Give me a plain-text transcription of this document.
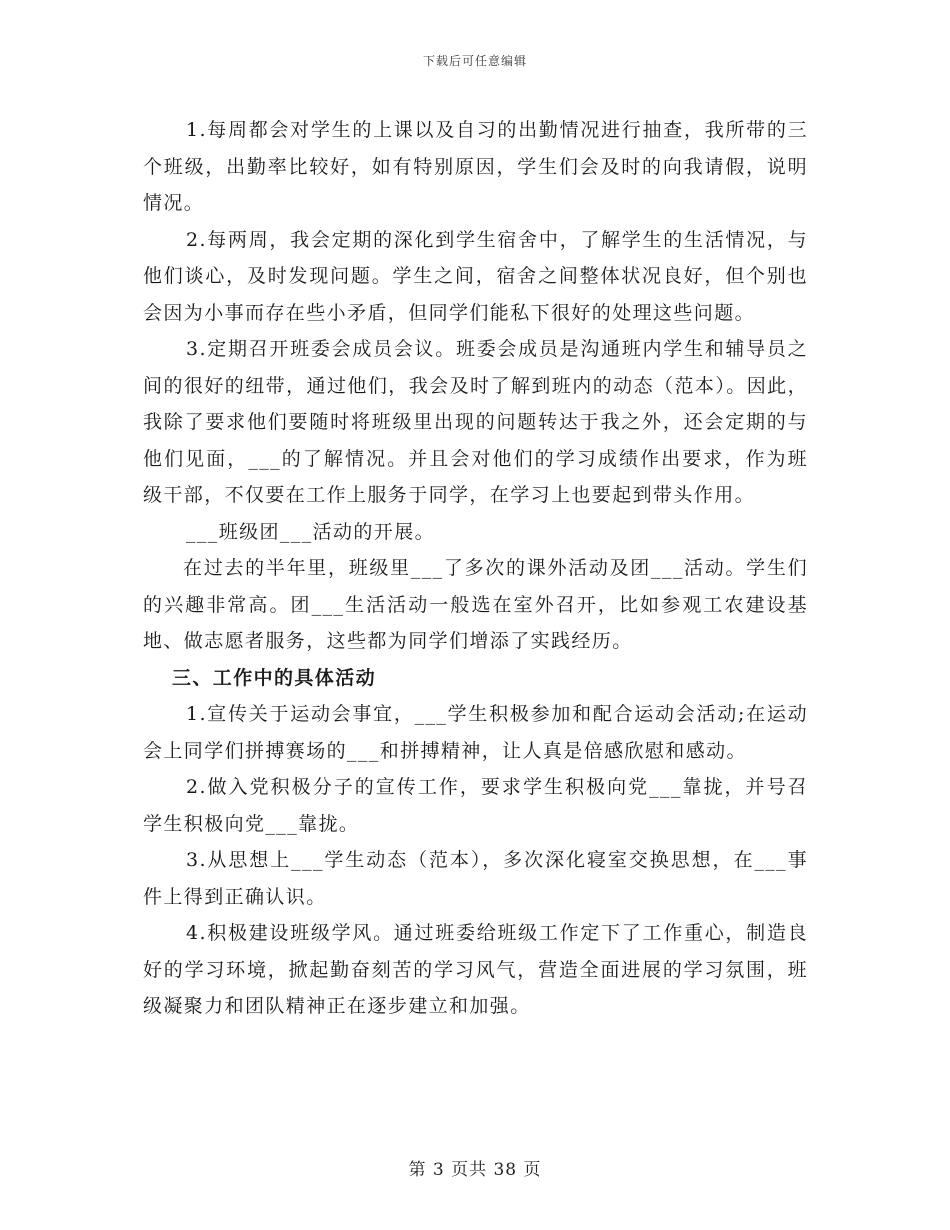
下载后可任意编辑

1.每周都会对学生的上课以及自习的出勤情况进行抽查，我所带的三个班级，出勤率比较好，如有特别原因，学生们会及时的向我请假，说明情况。

2.每两周，我会定期的深化到学生宿舍中，了解学生的生活情况，与他们谈心，及时发现问题。学生之间，宿舍之间整体状况良好，但个别也会因为小事而存在些小矛盾，但同学们能私下很好的处理这些问题。

3.定期召开班委会成员会议。班委会成员是沟通班内学生和辅导员之间的很好的纽带，通过他们，我会及时了解到班内的动态（范本）。因此，我除了要求他们要随时将班级里出现的问题转达于我之外，还会定期的与他们见面，___的了解情况。并且会对他们的学习成绩作出要求，作为班级干部，不仅要在工作上服务于同学，在学习上也要起到带头作用。

___班级团___活动的开展。

在过去的半年里，班级里___了多次的课外活动及团___活动。学生们的兴趣非常高。团___生活活动一般选在室外召开，比如参观工农建设基地、做志愿者服务，这些都为同学们增添了实践经历。

三、工作中的具体活动

1.宣传关于运动会事宜，___学生积极参加和配合运动会活动;在运动会上同学们拼搏赛场的___和拼搏精神，让人真是倍感欣慰和感动。

2.做入党积极分子的宣传工作，要求学生积极向党___靠拢，并号召学生积极向党___靠拢。

3.从思想上___学生动态（范本），多次深化寝室交换思想，在___事件上得到正确认识。

4.积极建设班级学风。通过班委给班级工作定下了工作重心，制造良好的学习环境，掀起勤奋刻苦的学习风气，营造全面进展的学习氛围，班级凝聚力和团队精神正在逐步建立和加强。

第 3 页共 38 页
